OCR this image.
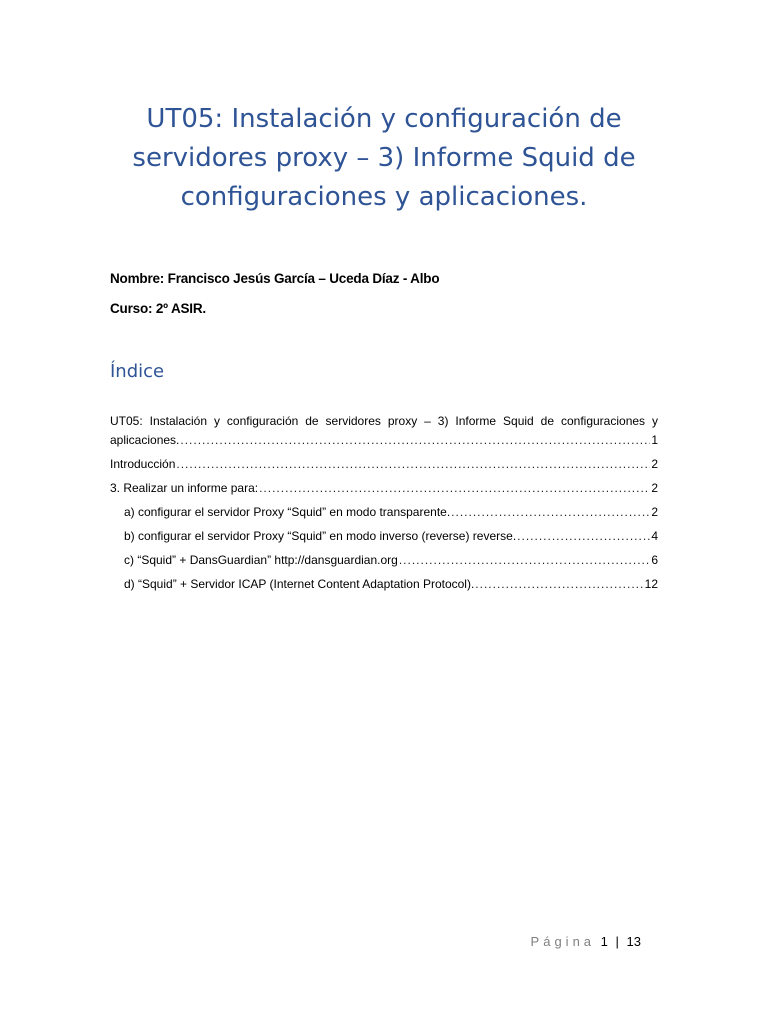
UT05: Instalación y configuración de
servidores proxy – 3) Informe Squid de
configuraciones y aplicaciones.

Nombre: Francisco Jesús García – Uceda Díaz - Albo

Curso: 2º ASIR.

Índice
UT05: Instalación y configuración de servidores proxy – 3) Informe Squid de configuraciones y
aplicaciones. .....	1
Introducción .....	2
3. Realizar un informe para: .....	2
a) configurar el servidor Proxy “Squid” en modo transparente. .....	2
b) configurar el servidor Proxy “Squid” en modo inverso (reverse) reverse. .....	4
c) “Squid” + DansGuardian” http://dansguardian.org .....	6
d) “Squid” + Servidor ICAP (Internet Content Adaptation Protocol). .....	12
Página 1 | 13
